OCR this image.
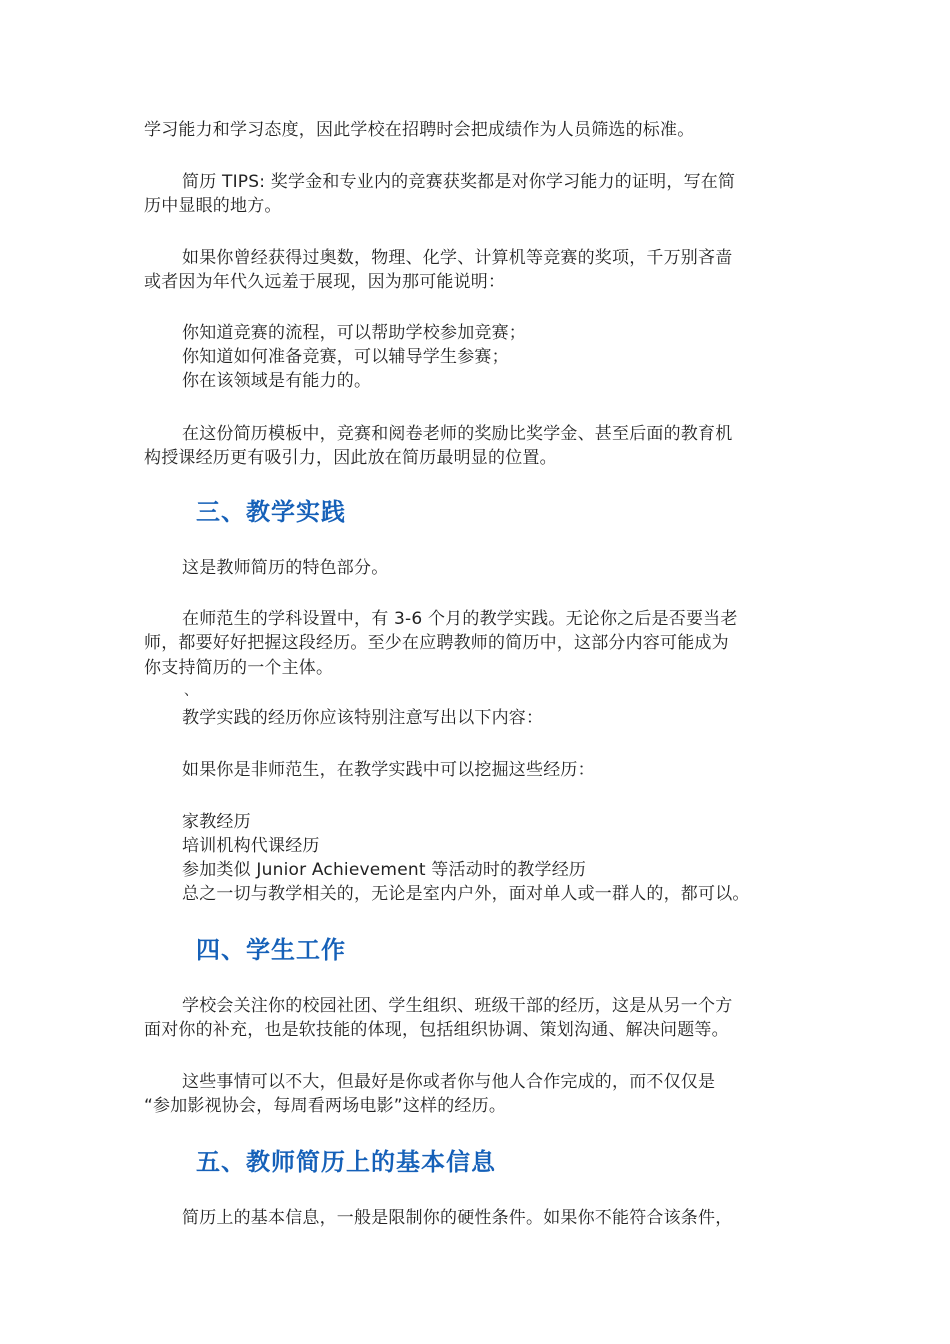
学习能力和学习态度，因此学校在招聘时会把成绩作为人员筛选的标准。
简历 TIPS: 奖学金和专业内的竞赛获奖都是对你学习能力的证明，写在简
历中显眼的地方。
如果你曾经获得过奥数，物理、化学、计算机等竞赛的奖项，千万别吝啬
或者因为年代久远羞于展现，因为那可能说明：
你知道竞赛的流程，可以帮助学校参加竞赛；
你知道如何准备竞赛，可以辅导学生参赛；
你在该领域是有能力的。
在这份简历模板中，竞赛和阅卷老师的奖励比奖学金、甚至后面的教育机
构授课经历更有吸引力，因此放在简历最明显的位置。
三、教学实践
这是教师简历的特色部分。
在师范生的学科设置中，有 3-6 个月的教学实践。无论你之后是否要当老
师，都要好好把握这段经历。至少在应聘教师的简历中，这部分内容可能成为
你支持简历的一个主体。
、
教学实践的经历你应该特别注意写出以下内容：
如果你是非师范生，在教学实践中可以挖掘这些经历：
家教经历
培训机构代课经历
参加类似 Junior Achievement 等活动时的教学经历
总之一切与教学相关的，无论是室内户外，面对单人或一群人的，都可以。
四、学生工作
学校会关注你的校园社团、学生组织、班级干部的经历，这是从另一个方
面对你的补充，也是软技能的体现，包括组织协调、策划沟通、解决问题等。
这些事情可以不大，但最好是你或者你与他人合作完成的，而不仅仅是
“参加影视协会，每周看两场电影”这样的经历。
五、教师简历上的基本信息
简历上的基本信息，一般是限制你的硬性条件。如果你不能符合该条件，
